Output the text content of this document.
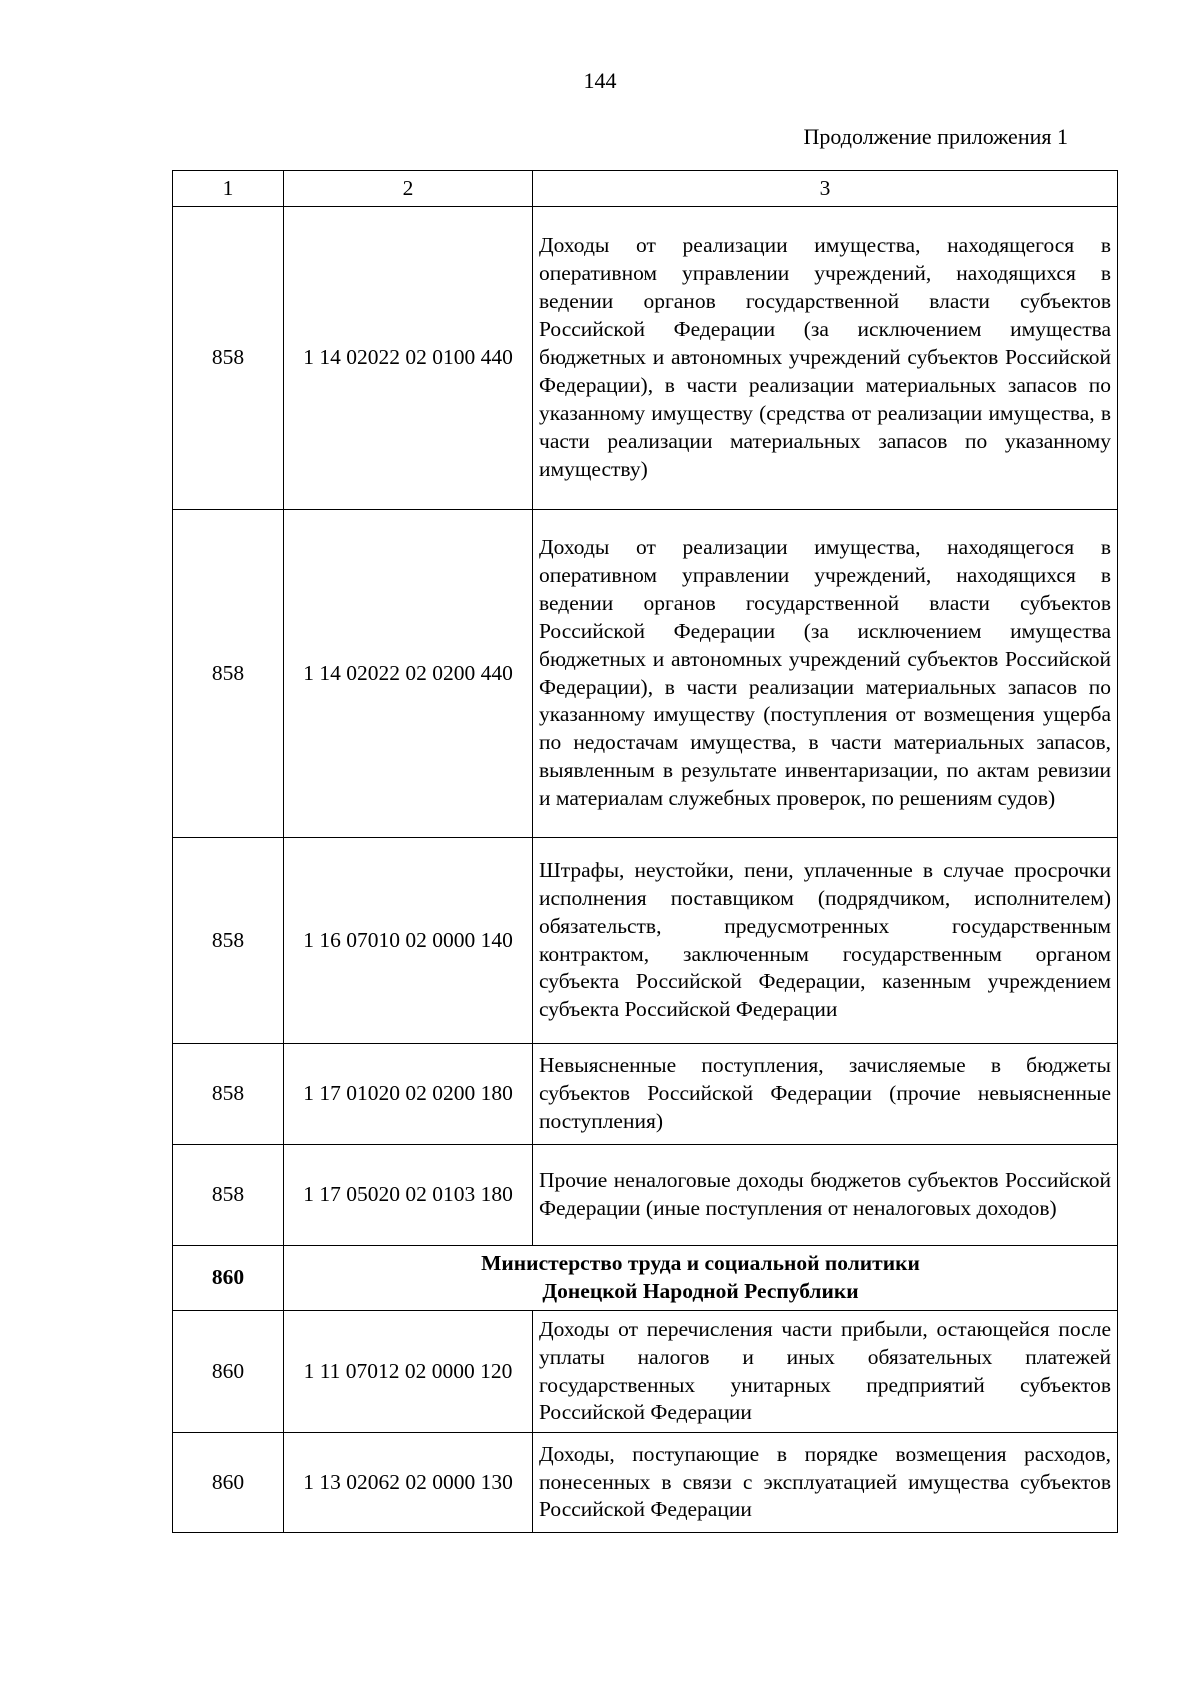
144
Продолжение приложения 1
1	2	3
858	1 14 02022 02 0100 440	Доходы от реализации имущества, находящегося в оперативном управлении учреждений, находящихся в ведении органов государственной власти субъектов Российской Федерации (за исключением имущества бюджетных и автономных учреждений субъектов Российской Федерации), в части реализации материальных запасов по указанному имуществу (средства от реализации имущества, в части реализации материальных запасов по указанному имуществу)
858	1 14 02022 02 0200 440	Доходы от реализации имущества, находящегося в оперативном управлении учреждений, находящихся в ведении органов государственной власти субъектов Российской Федерации (за исключением имущества бюджетных и автономных учреждений субъектов Российской Федерации), в части реализации материальных запасов по указанному имуществу (поступления от возмещения ущерба по недостачам имущества, в части материальных запасов, выявленным в результате инвентаризации, по актам ревизии и материалам служебных проверок, по решениям судов)
858	1 16 07010 02 0000 140	Штрафы, неустойки, пени, уплаченные в случае просрочки исполнения поставщиком (подрядчиком, исполнителем) обязательств, предусмотренных государственным контрактом, заключенным государственным органом субъекта Российской Федерации, казенным учреждением субъекта Российской Федерации
858	1 17 01020 02 0200 180	Невыясненные поступления, зачисляемые в бюджеты субъектов Российской Федерации (прочие невыясненные поступления)
858	1 17 05020 02 0103 180	Прочие неналоговые доходы бюджетов субъектов Российской Федерации (иные поступления от неналоговых доходов)
860	Министерство труда и социальной политики
Донецкой Народной Республики	

860	1 11 07012 02 0000 120	Доходы от перечисления части прибыли, остающейся после уплаты налогов и иных обязательных платежей государственных унитарных предприятий субъектов Российской Федерации
860	1 13 02062 02 0000 130	Доходы, поступающие в порядке возмещения расходов, понесенных в связи с эксплуатацией имущества субъектов Российской Федерации
